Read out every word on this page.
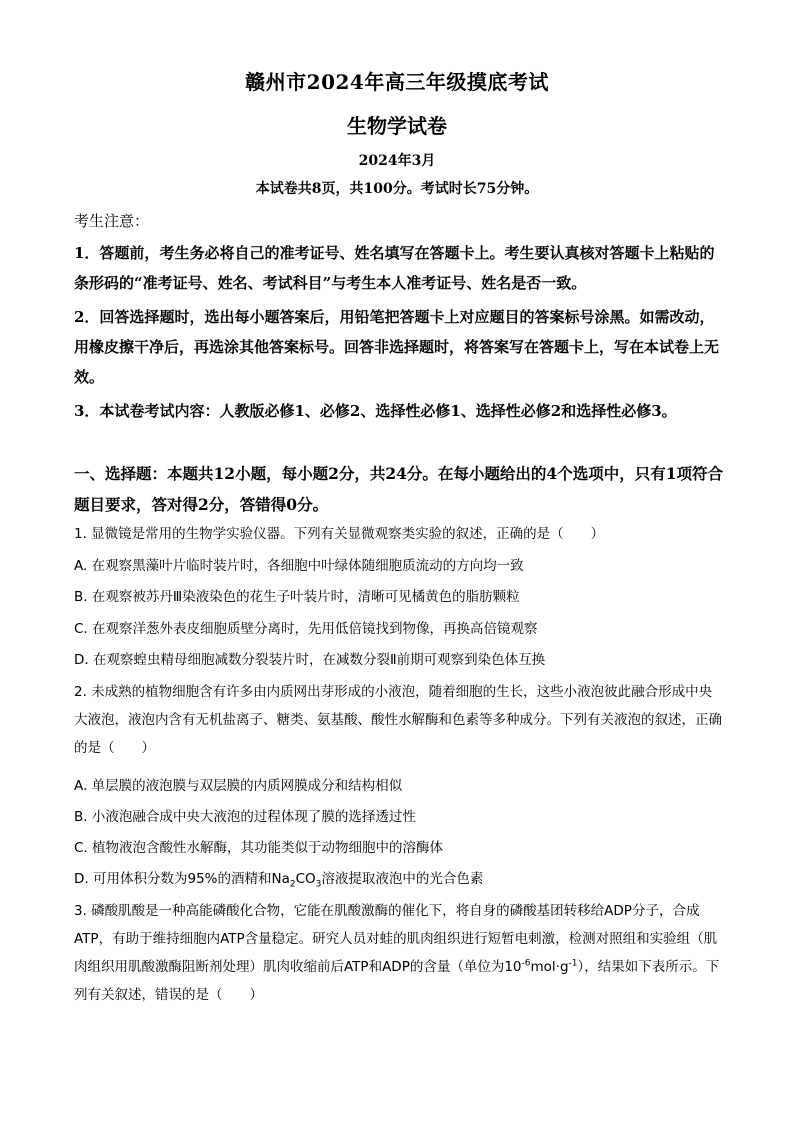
赣州市2024年高三年级摸底考试
生物学试卷
2024年3月
本试卷共8页，共100分。考试时长75分钟。
考生注意：
1．答题前，考生务必将自己的准考证号、姓名填写在答题卡上。考生要认真核对答题卡上粘贴的条形码的“准考证号、姓名、考试科目”与考生本人准考证号、姓名是否一致。
2．回答选择题时，选出每小题答案后，用铅笔把答题卡上对应题目的答案标号涂黑。如需改动，用橡皮擦干净后，再选涂其他答案标号。回答非选择题时，将答案写在答题卡上，写在本试卷上无效。
3．本试卷考试内容：人教版必修1、必修2、选择性必修1、选择性必修2和选择性必修3。
一、选择题：本题共12小题，每小题2分，共24分。在每小题给出的4个选项中，只有1项符合题目要求，答对得2分，答错得0分。
1. 显微镜是常用的生物学实验仪器。下列有关显微观察类实验的叙述，正确的是（　　）
A. 在观察黑藻叶片临时装片时，各细胞中叶绿体随细胞质流动的方向均一致
B. 在观察被苏丹Ⅲ染液染色的花生子叶装片时，清晰可见橘黄色的脂肪颗粒
C. 在观察洋葱外表皮细胞质壁分离时，先用低倍镜找到物像，再换高倍镜观察
D. 在观察蝗虫精母细胞减数分裂装片时，在减数分裂Ⅱ前期可观察到染色体互换
2. 未成熟的植物细胞含有许多由内质网出芽形成的小液泡，随着细胞的生长，这些小液泡彼此融合形成中央大液泡，液泡内含有无机盐离子、糖类、氨基酸、酸性水解酶和色素等多种成分。下列有关液泡的叙述，正确的是（　　）
A. 单层膜的液泡膜与双层膜的内质网膜成分和结构相似
B. 小液泡融合成中央大液泡的过程体现了膜的选择透过性
C. 植物液泡含酸性水解酶，其功能类似于动物细胞中的溶酶体
D. 可用体积分数为95%的酒精和$Na_2CO_3$溶液提取液泡中的光合色素
3. 磷酸肌酸是一种高能磷酸化合物，它能在肌酸激酶的催化下，将自身的磷酸基团转移给ADP分子，合成ATP，有助于维持细胞内ATP含量稳定。研究人员对蛙的肌肉组织进行短暂电刺激，检测对照组和实验组（肌肉组织用肌酸激酶阻断剂处理）肌肉收缩前后ATP和ADP的含量（单位为$10^{-6}mol\cdot g^{-1}$），结果如下表所示。下列有关叙述，错误的是（　　）
